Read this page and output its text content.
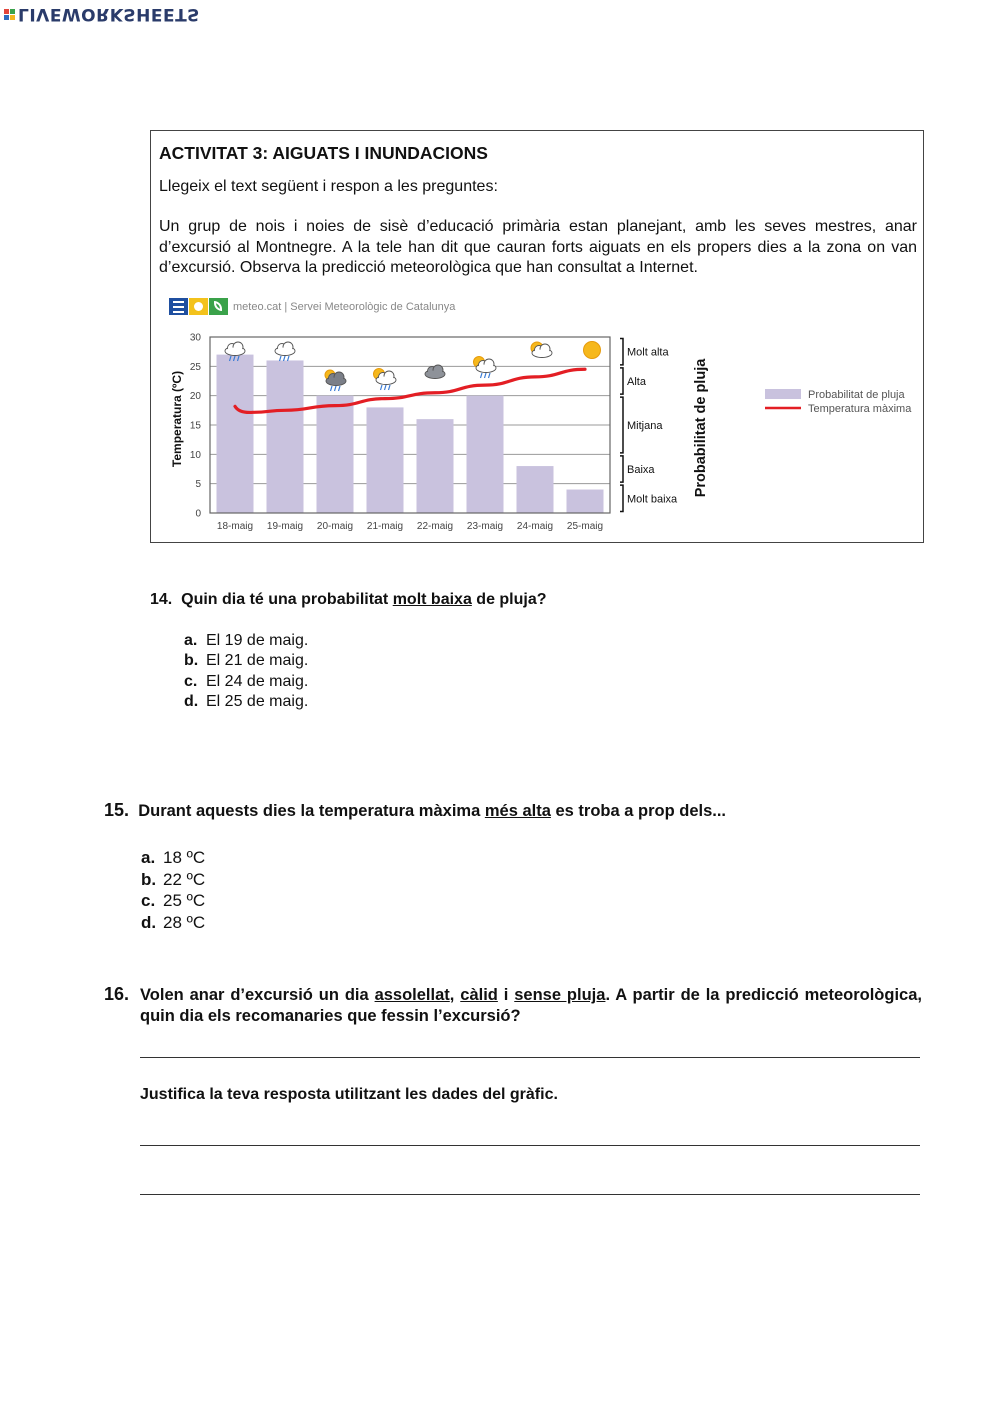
LIVEWORKSHEETS
ACTIVITAT 3: AIGUATS I INUNDACIONS
Llegeix el text següent i respon a les preguntes:
Un grup de nois i noies de sisè d’educació primària estan planejant, amb les seves mestres, anar d’excursió al Montnegre. A la tele han dit que cauran forts aiguats en els propers dies a la zona on van d’excursió. Observa la predicció meteorològica que han consultat a Internet.
meteo.cat | Servei Meteorològic de Catalunya
0
5
10
15
20
25
30
18-maig 19-maig 20-maig 21-maig 22-maig 23-maig 24-maig 25-maig
Temperatura (ºC)
Molt alta
Alta
Mitjana
Baixa
Molt baixa
Probabilitat de pluja	Probabilitat de pluja
Temperatura màxima
14. Quin dia té una probabilitat molt baixa de pluja?
a. El 19 de maig.
b. El 21 de maig.
c. El 24 de maig.
d. El 25 de maig.
15. Durant aquests dies la temperatura màxima més alta es troba a prop dels...
a. 18 ºC
b. 22 ºC
c. 25 ºC
d. 28 ºC
16. Volen anar d’excursió un dia assolellat, càlid i sense pluja. A partir de la predicció meteorològica, quin dia els recomanaries que fessin l’excursió?
Justifica la teva resposta utilitzant les dades del gràfic.
